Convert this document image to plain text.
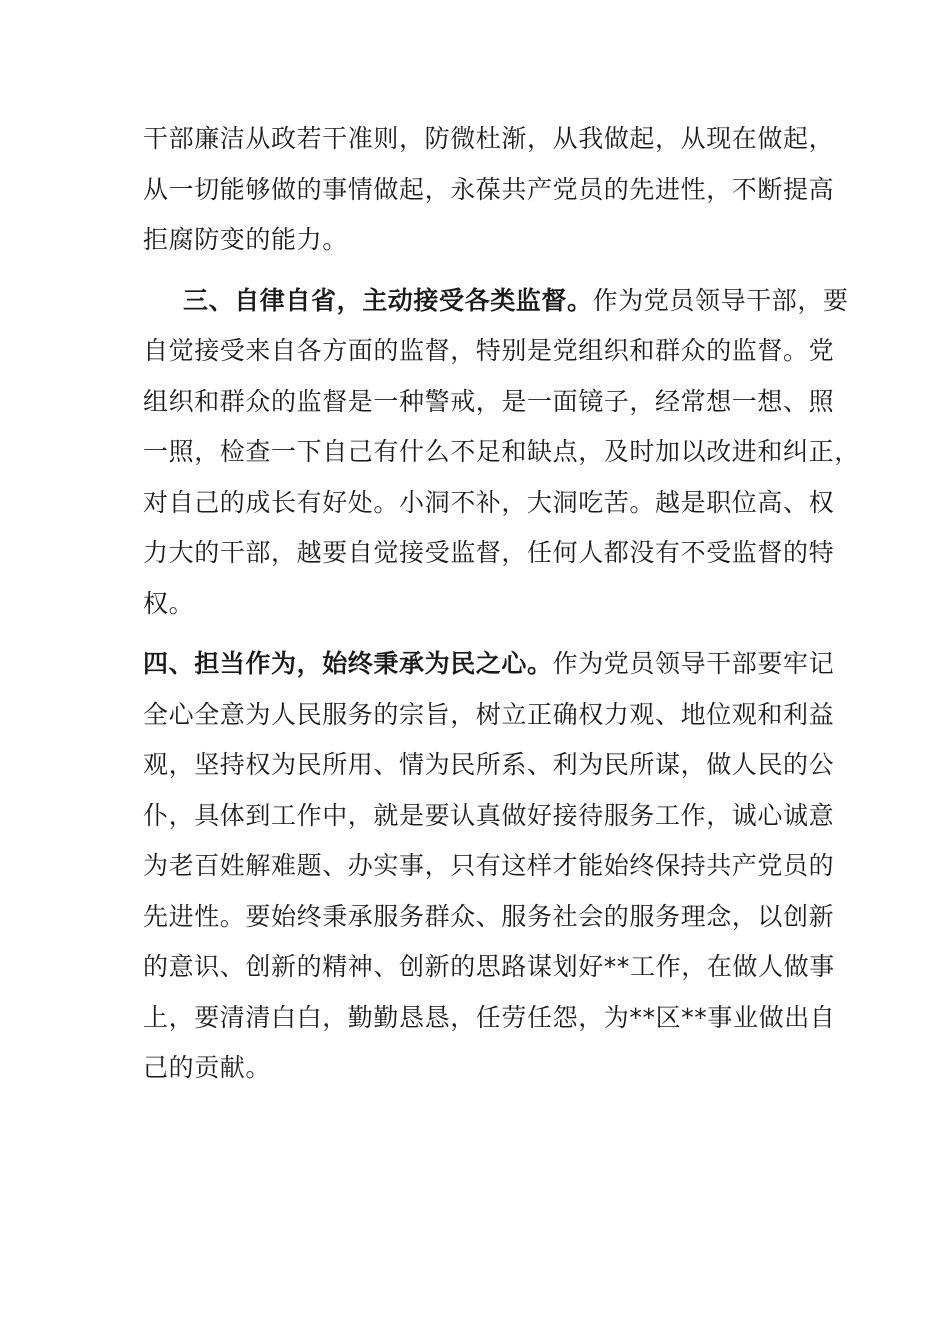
干部廉洁从政若干准则，防微杜渐，从我做起，从现在做起，
从一切能够做的事情做起，永葆共产党员的先进性，不断提高
拒腐防变的能力。
三、自律自省，主动接受各类监督。作为党员领导干部，要
自觉接受来自各方面的监督，特别是党组织和群众的监督。党
组织和群众的监督是一种警戒，是一面镜子，经常想一想、照
一照，检查一下自己有什么不足和缺点，及时加以改进和纠正，
对自己的成长有好处。小洞不补，大洞吃苦。越是职位高、权
力大的干部，越要自觉接受监督，任何人都没有不受监督的特
权。
四、担当作为，始终秉承为民之心。作为党员领导干部要牢记
全心全意为人民服务的宗旨，树立正确权力观、地位观和利益
观，坚持权为民所用、情为民所系、利为民所谋，做人民的公
仆，具体到工作中，就是要认真做好接待服务工作，诚心诚意
为老百姓解难题、办实事，只有这样才能始终保持共产党员的
先进性。要始终秉承服务群众、服务社会的服务理念，以创新
的意识、创新的精神、创新的思路谋划好**工作，在做人做事
上，要清清白白，勤勤恳恳，任劳任怨，为**区**事业做出自
己的贡献。
